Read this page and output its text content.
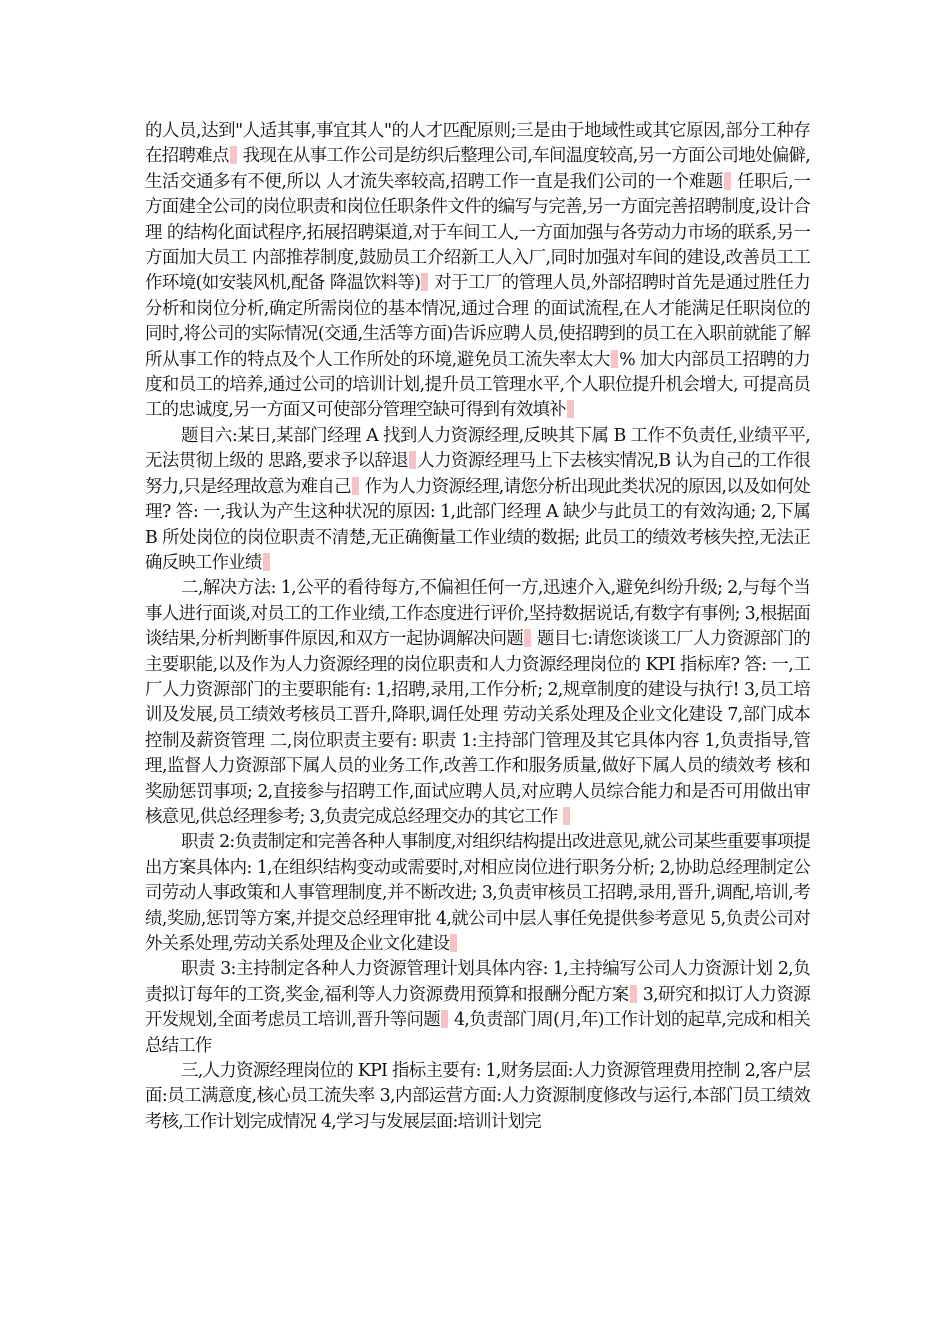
的人员,达到"人适其事,事宜其人"的人才匹配原则;三是由于地域性或其它原因,部分工种存在招聘难点 我现在从事工作公司是纺织后整理公司,车间温度较高,另一方面公司地处偏僻,生活交通多有不便,所以 人才流失率较高,招聘工作一直是我们公司的一个难题 任职后,一方面建全公司的岗位职责和岗位任职条件文件的编写与完善,另一方面完善招聘制度,设计合理 的结构化面试程序,拓展招聘渠道,对于车间工人,一方面加强与各劳动力市场的联系,另一方面加大员工 内部推荐制度,鼓励员工介绍新工人入厂,同时加强对车间的建设,改善员工工作环境(如安装风机,配备 降温饮料等) 对于工厂的管理人员,外部招聘时首先是通过胜任力分析和岗位分析,确定所需岗位的基本情况,通过合理 的面试流程,在人才能满足任职岗位的同时,将公司的实际情况(交通,生活等方面)告诉应聘人员,使招聘到的员工在入职前就能了解所从事工作的特点及个人工作所处的环境,避免员工流失率太大 % 加大内部员工招聘的力度和员工的培养,通过公司的培训计划,提升员工管理水平,个人职位提升机会增大, 可提高员工的忠诚度,另一方面又可使部分管理空缺可得到有效填补

题目六:某日,某部门经理 A 找到人力资源经理,反映其下属 B 工作不负责任,业绩平平,无法贯彻上级的 思路,要求予以辞退 人力资源经理马上下去核实情况,B 认为自己的工作很努力,只是经理故意为难自己 作为人力资源经理,请您分析出现此类状况的原因,以及如何处理? 答: 一,我认为产生这种状况的原因: 1,此部门经理 A 缺少与此员工的有效沟通; 2,下属 B 所处岗位的岗位职责不清楚,无正确衡量工作业绩的数据; 此员工的绩效考核失控,无法正确反映工作业绩

二,解决方法: 1,公平的看待每方,不偏袒任何一方,迅速介入,避免纠纷升级; 2,与每个当事人进行面谈,对员工的工作业绩,工作态度进行评价,坚持数据说话,有数字有事例; 3,根据面谈结果,分析判断事件原因,和双方一起协调解决问题 题目七:请您谈谈工厂人力资源部门的主要职能,以及作为人力资源经理的岗位职责和人力资源经理岗位的 KPI 指标库? 答: 一,工厂人力资源部门的主要职能有: 1,招聘,录用,工作分析; 2,规章制度的建设与执行! 3,员工培训及发展,员工绩效考核员工晋升,降职,调任处理 劳动关系处理及企业文化建设 7,部门成本控制及薪资管理 二,岗位职责主要有: 职责 1:主持部门管理及其它具体内容 1,负责指导,管理,监督人力资源部下属人员的业务工作,改善工作和服务质量,做好下属人员的绩效考 核和奖励惩罚事项; 2,直接参与招聘工作,面试应聘人员,对应聘人员综合能力和是否可用做出审核意见,供总经理参考; 3,负责完成总经理交办的其它工作

职责 2:负责制定和完善各种人事制度,对组织结构提出改进意见,就公司某些重要事项提出方案具体内: 1,在组织结构变动或需要时,对相应岗位进行职务分析; 2,协助总经理制定公司劳动人事政策和人事管理制度,并不断改进; 3,负责审核员工招聘,录用,晋升,调配,培训,考绩,奖励,惩罚等方案,并提交总经理审批 4,就公司中层人事任免提供参考意见 5,负责公司对外关系处理,劳动关系处理及企业文化建设

职责 3:主持制定各种人力资源管理计划具体内容: 1,主持编写公司人力资源计划 2,负责拟订每年的工资,奖金,福利等人力资源费用预算和报酬分配方案 3,研究和拟订人力资源开发规划,全面考虑员工培训,晋升等问题 4,负责部门周(月,年)工作计划的起草,完成和相关总结工作

三,人力资源经理岗位的 KPI 指标主要有: 1,财务层面:人力资源管理费用控制 2,客户层面:员工满意度,核心员工流失率 3,内部运营方面:人力资源制度修改与运行,本部门员工绩效考核,工作计划完成情况 4,学习与发展层面:培训计划完
